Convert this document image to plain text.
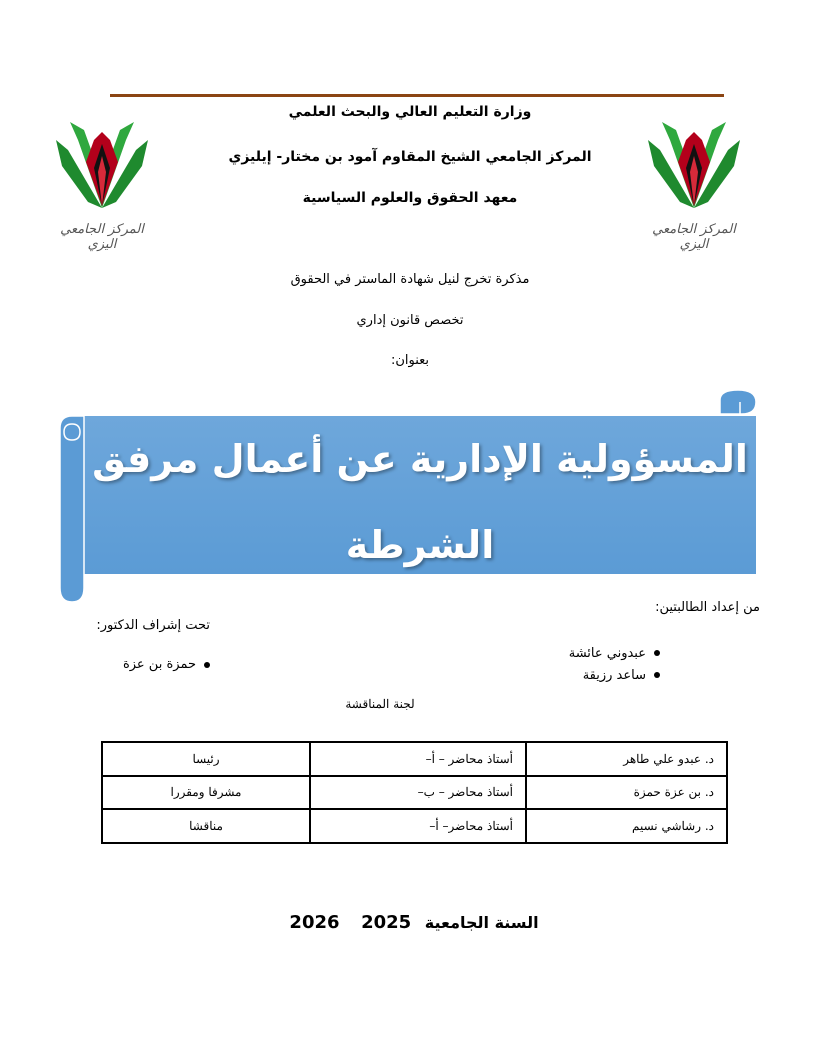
المركز الجامعي اليزي
المركز الجامعي اليزي
وزارة التعليم العالي والبحث العلمي
المركز الجامعي الشيخ المقاوم آمود بن مختار- إيليزي
معهد الحقوق والعلوم السياسية
مذكرة تخرج لنيل شهادة الماستر في الحقوق
تخصص قانون إداري
بعنوان:
المسؤولية الإدارية عن أعمال مرفق
الشرطة
من إعداد الطالبتين:
تحت إشراف الدكتور:
عبدوني عائشة
ساعد رزيقة
حمزة بن عزة
لجنة المناقشة
د. عبدو علي طاهر	أستاذ محاضر – أ–	رئيسا
د. بن عزة حمزة	أستاذ محاضر – ب–	مشرفا ومقررا
د. رشاشي نسيم	أستاذ محاضر– أ–	مناقشا
السنة الجامعية 2025 2026
